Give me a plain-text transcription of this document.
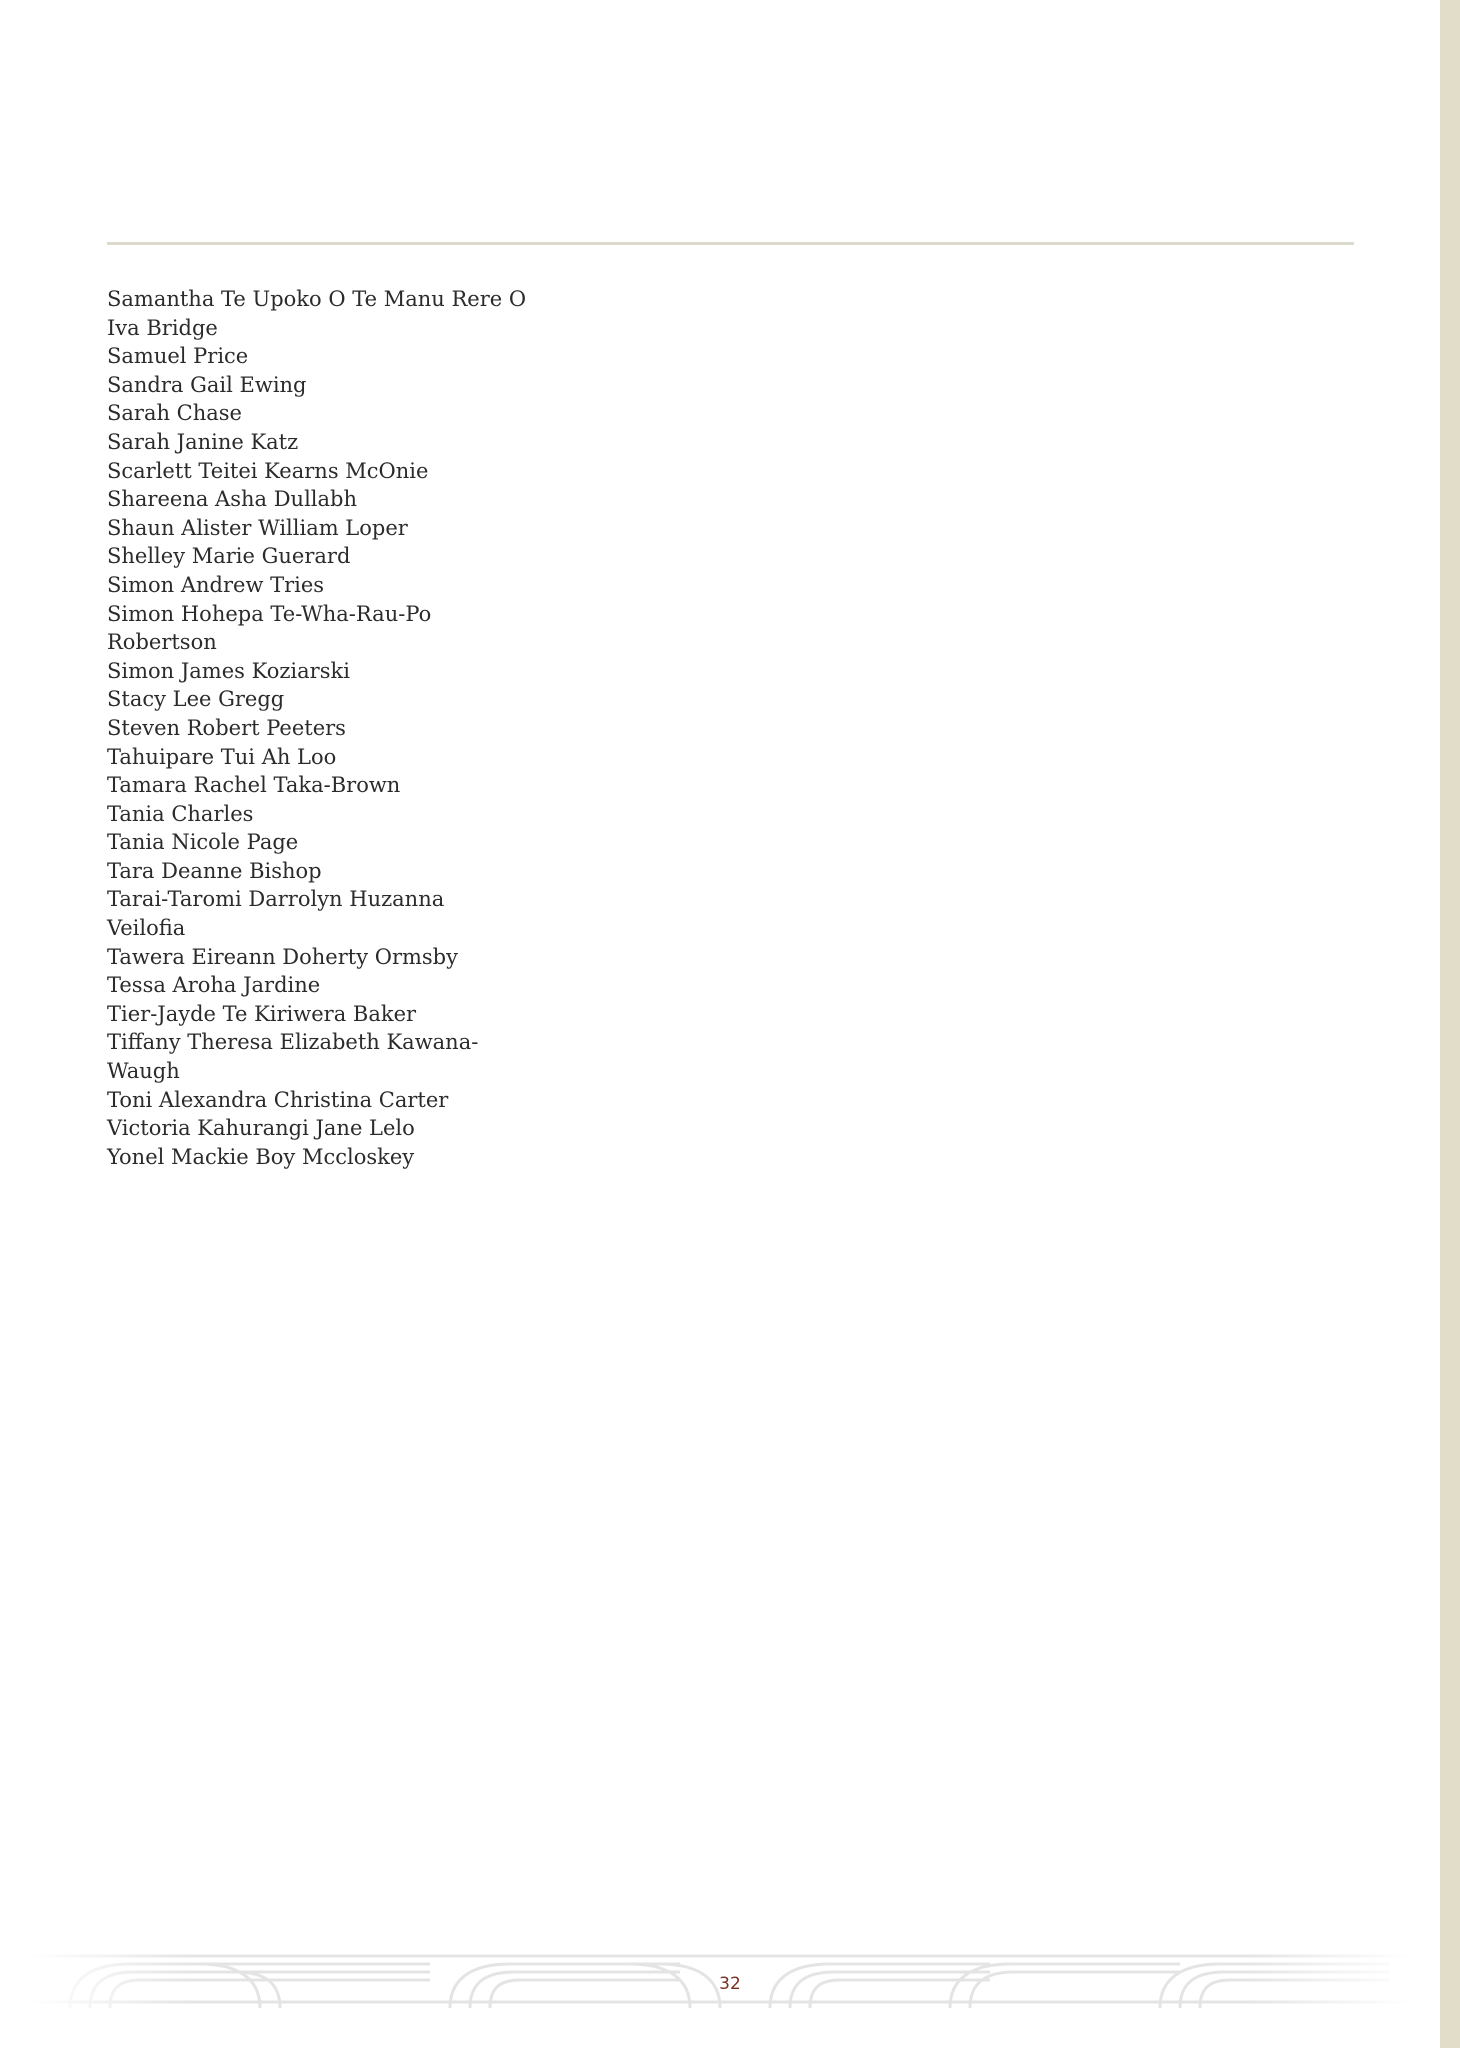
Samantha Te Upoko O Te Manu Rere O
Iva Bridge
Samuel Price
Sandra Gail Ewing
Sarah Chase
Sarah Janine Katz
Scarlett Teitei Kearns McOnie
Shareena Asha Dullabh
Shaun Alister William Loper
Shelley Marie Guerard
Simon Andrew Tries
Simon Hohepa Te-Wha-Rau-Po
Robertson
Simon James Koziarski
Stacy Lee Gregg
Steven Robert Peeters
Tahuipare Tui Ah Loo
Tamara Rachel Taka-Brown
Tania Charles
Tania Nicole Page
Tara Deanne Bishop
Tarai-Taromi Darrolyn Huzanna
Veilofia
Tawera Eireann Doherty Ormsby
Tessa Aroha Jardine
Tier-Jayde Te Kiriwera Baker
Tiffany Theresa Elizabeth Kawana-
Waugh
Toni Alexandra Christina Carter
Victoria Kahurangi Jane Lelo
Yonel Mackie Boy Mccloskey
32
